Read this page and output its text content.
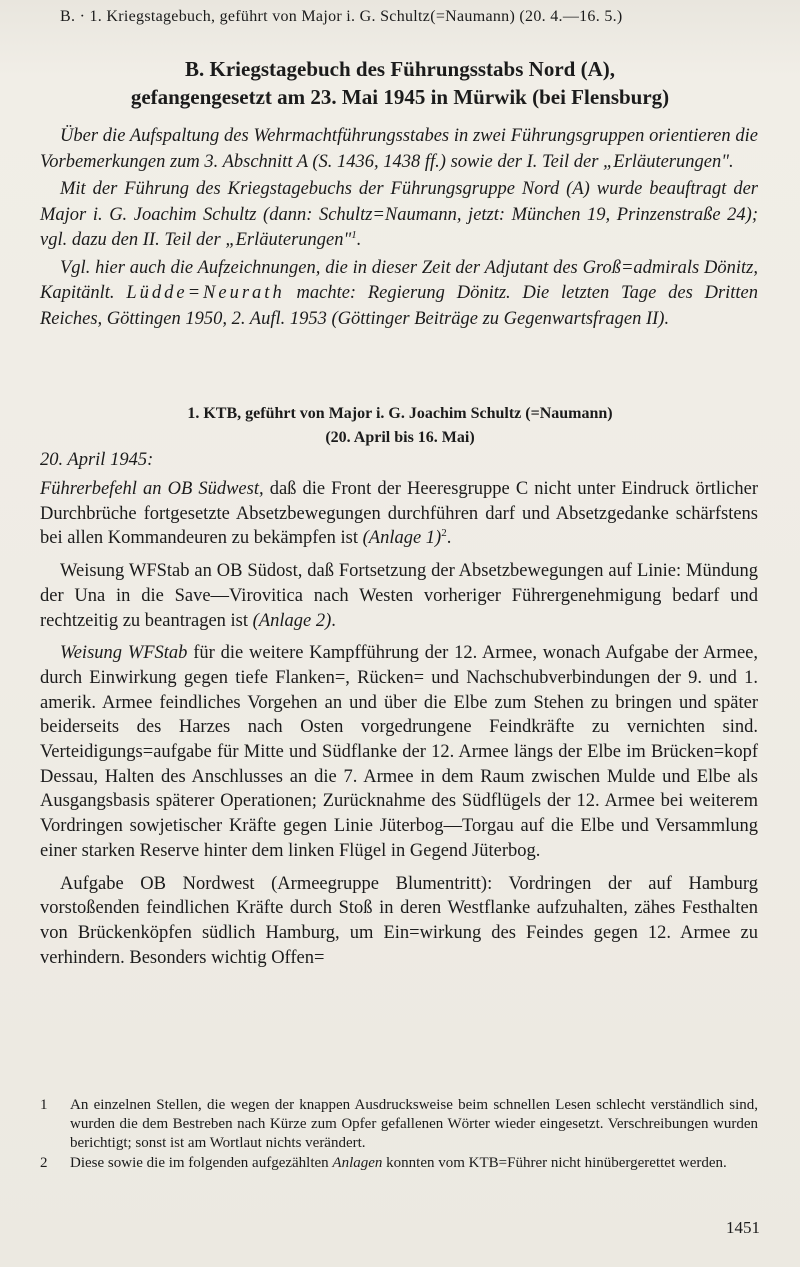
B. · 1. Kriegstagebuch, geführt von Major i. G. Schultz(=Naumann) (20. 4.—16. 5.)
B. Kriegstagebuch des Führungsstabs Nord (A),
gefangengesetzt am 23. Mai 1945 in Mürwik (bei Flensburg)

Über die Aufspaltung des Wehrmachtführungsstabes in zwei Führungsgruppen orientieren die Vorbemerkungen zum 3. Abschnitt A (S. 1436, 1438 ff.) sowie der I. Teil der „Erläuterungen".

Mit der Führung des Kriegstagebuchs der Führungsgruppe Nord (A) wurde beauftragt der Major i. G. Joachim Schultz (dann: Schultz=Naumann, jetzt: München 19, Prinzenstraße 24); vgl. dazu den II. Teil der „Erläuterungen"$^1$.

Vgl. hier auch die Aufzeichnungen, die in dieser Zeit der Adjutant des Groß=admirals Dönitz, Kapitänlt. Lüdde=Neurath machte: Regierung Dönitz. Die letzten Tage des Dritten Reiches, Göttingen 1950, 2. Aufl. 1953 (Göttinger Beiträge zu Gegenwartsfragen II).

1. KTB, geführt von Major i. G. Joachim Schultz (=Naumann)
(20. April bis 16. Mai)
20. April 1945:

Führerbefehl an OB Südwest, daß die Front der Heeresgruppe C nicht unter Eindruck örtlicher Durchbrüche fortgesetzte Absetzbewegungen durchführen darf und Absetzgedanke schärfstens bei allen Kommandeuren zu bekämpfen ist (Anlage 1)$^2$.

Weisung WFStab an OB Südost, daß Fortsetzung der Absetzbewegungen auf Linie: Mündung der Una in die Save—Virovitica nach Westen vorheriger Führergenehmigung bedarf und rechtzeitig zu beantragen ist (Anlage 2).

Weisung WFStab für die weitere Kampfführung der 12. Armee, wonach Aufgabe der Armee, durch Einwirkung gegen tiefe Flanken=, Rücken= und Nachschubverbindungen der 9. und 1. amerik. Armee feindliches Vorgehen an und über die Elbe zum Stehen zu bringen und später beiderseits des Harzes nach Osten vorgedrungene Feindkräfte zu vernichten sind. Verteidigungs=aufgabe für Mitte und Südflanke der 12. Armee längs der Elbe im Brücken=kopf Dessau, Halten des Anschlusses an die 7. Armee in dem Raum zwischen Mulde und Elbe als Ausgangsbasis späterer Operationen; Zurücknahme des Südflügels der 12. Armee bei weiterem Vordringen sowjetischer Kräfte gegen Linie Jüterbog—Torgau auf die Elbe und Versammlung einer starken Reserve hinter dem linken Flügel in Gegend Jüterbog.

Aufgabe OB Nordwest (Armeegruppe Blumentritt): Vordringen der auf Hamburg vorstoßenden feindlichen Kräfte durch Stoß in deren Westflanke aufzuhalten, zähes Festhalten von Brückenköpfen südlich Hamburg, um Ein=wirkung des Feindes gegen 12. Armee zu verhindern. Besonders wichtig Offen=

1	An einzelnen Stellen, die wegen der knappen Ausdrucksweise beim schnellen Lesen schlecht verständlich sind, wurden die dem Bestreben nach Kürze zum Opfer gefallenen Wörter wieder eingesetzt. Verschreibungen wurden berichtigt; sonst ist am Wortlaut nichts verändert.
2	Diese sowie die im folgenden aufgezählten Anlagen konnten vom KTB=Führer nicht hinübergerettet werden.
1451
